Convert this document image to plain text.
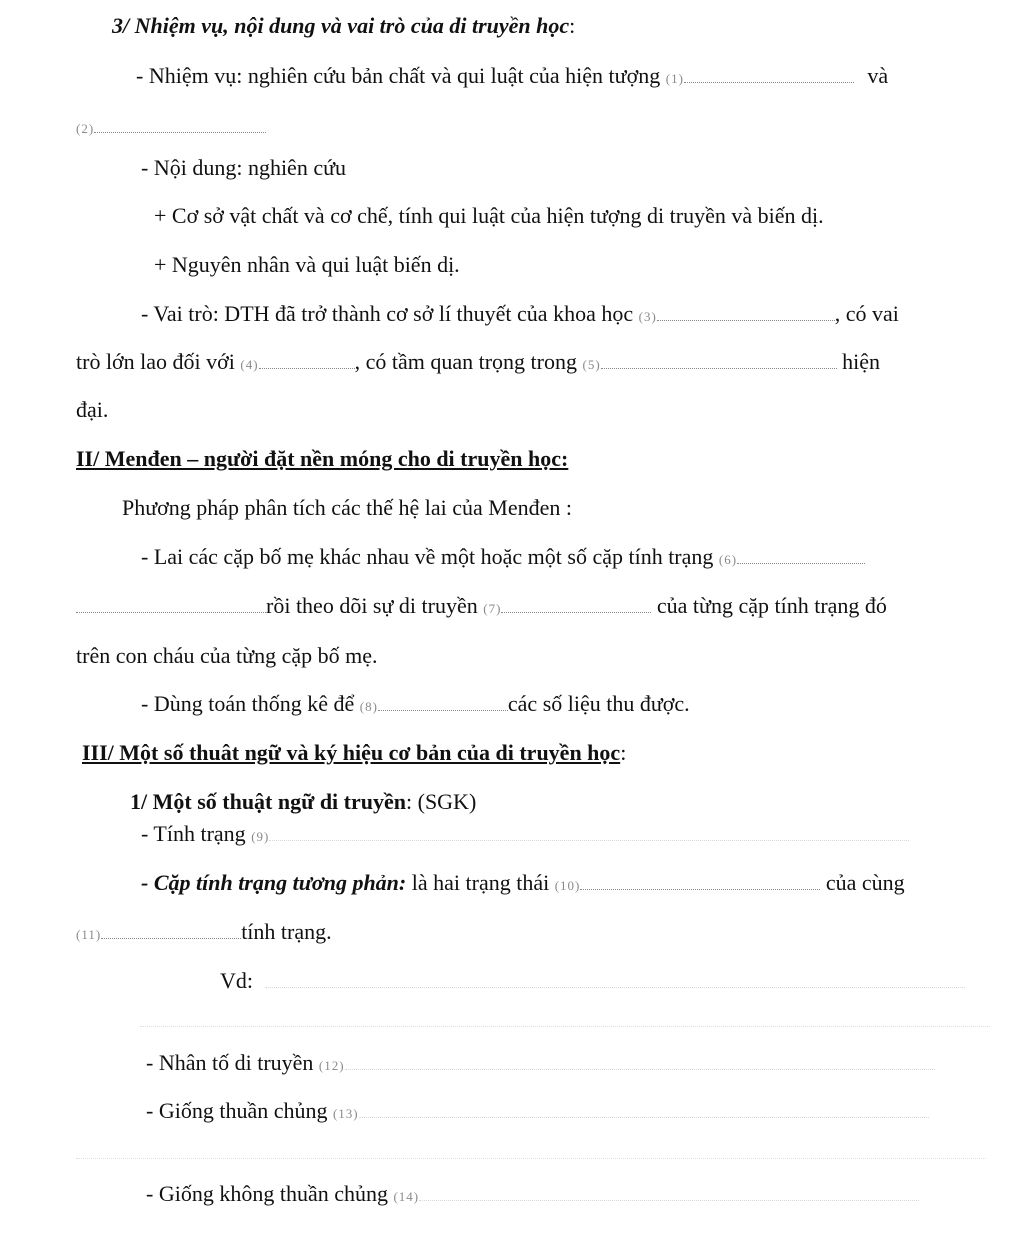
3/ Nhiệm vụ, nội dung và vai trò của di truyền học:
- Nhiệm vụ: nghiên cứu bản chất và qui luật của hiện tượng (1)	và
(2)
- Nội dung: nghiên cứu
+ Cơ sở vật chất và cơ chế, tính qui luật của hiện tượng di truyền và biến dị.
+ Nguyên nhân và qui luật biến dị.
- Vai trò: DTH đã trở thành cơ sở lí thuyết của khoa học (3)	, có vai
trò lớn lao đối với (4)	, có tầm quan trọng trong (5)	hiện
đại.
II/ Menđen – người đặt nền móng cho di truyền học:
Phương pháp phân tích các thế hệ lai của Menđen :
- Lai các cặp bố mẹ khác nhau về một hoặc một số cặp tính trạng (6)
rồi theo dõi sự di truyền (7)	của từng cặp tính trạng đó
trên con cháu của từng cặp bố mẹ.
- Dùng toán thống kê để (8)	các số liệu thu được.
III/ Một số thuât ngữ và ký hiệu cơ bản của di truyền học:
1/ Một số thuật ngữ di truyền: (SGK)
- Tính trạng (9)
- Cặp tính trạng tương phản: là hai trạng thái (10)	của cùng
(11)	tính trạng.
Vd:
- Nhân tố di truyền (12)
- Giống thuần chủng (13)
- Giống không thuần chủng (14)
